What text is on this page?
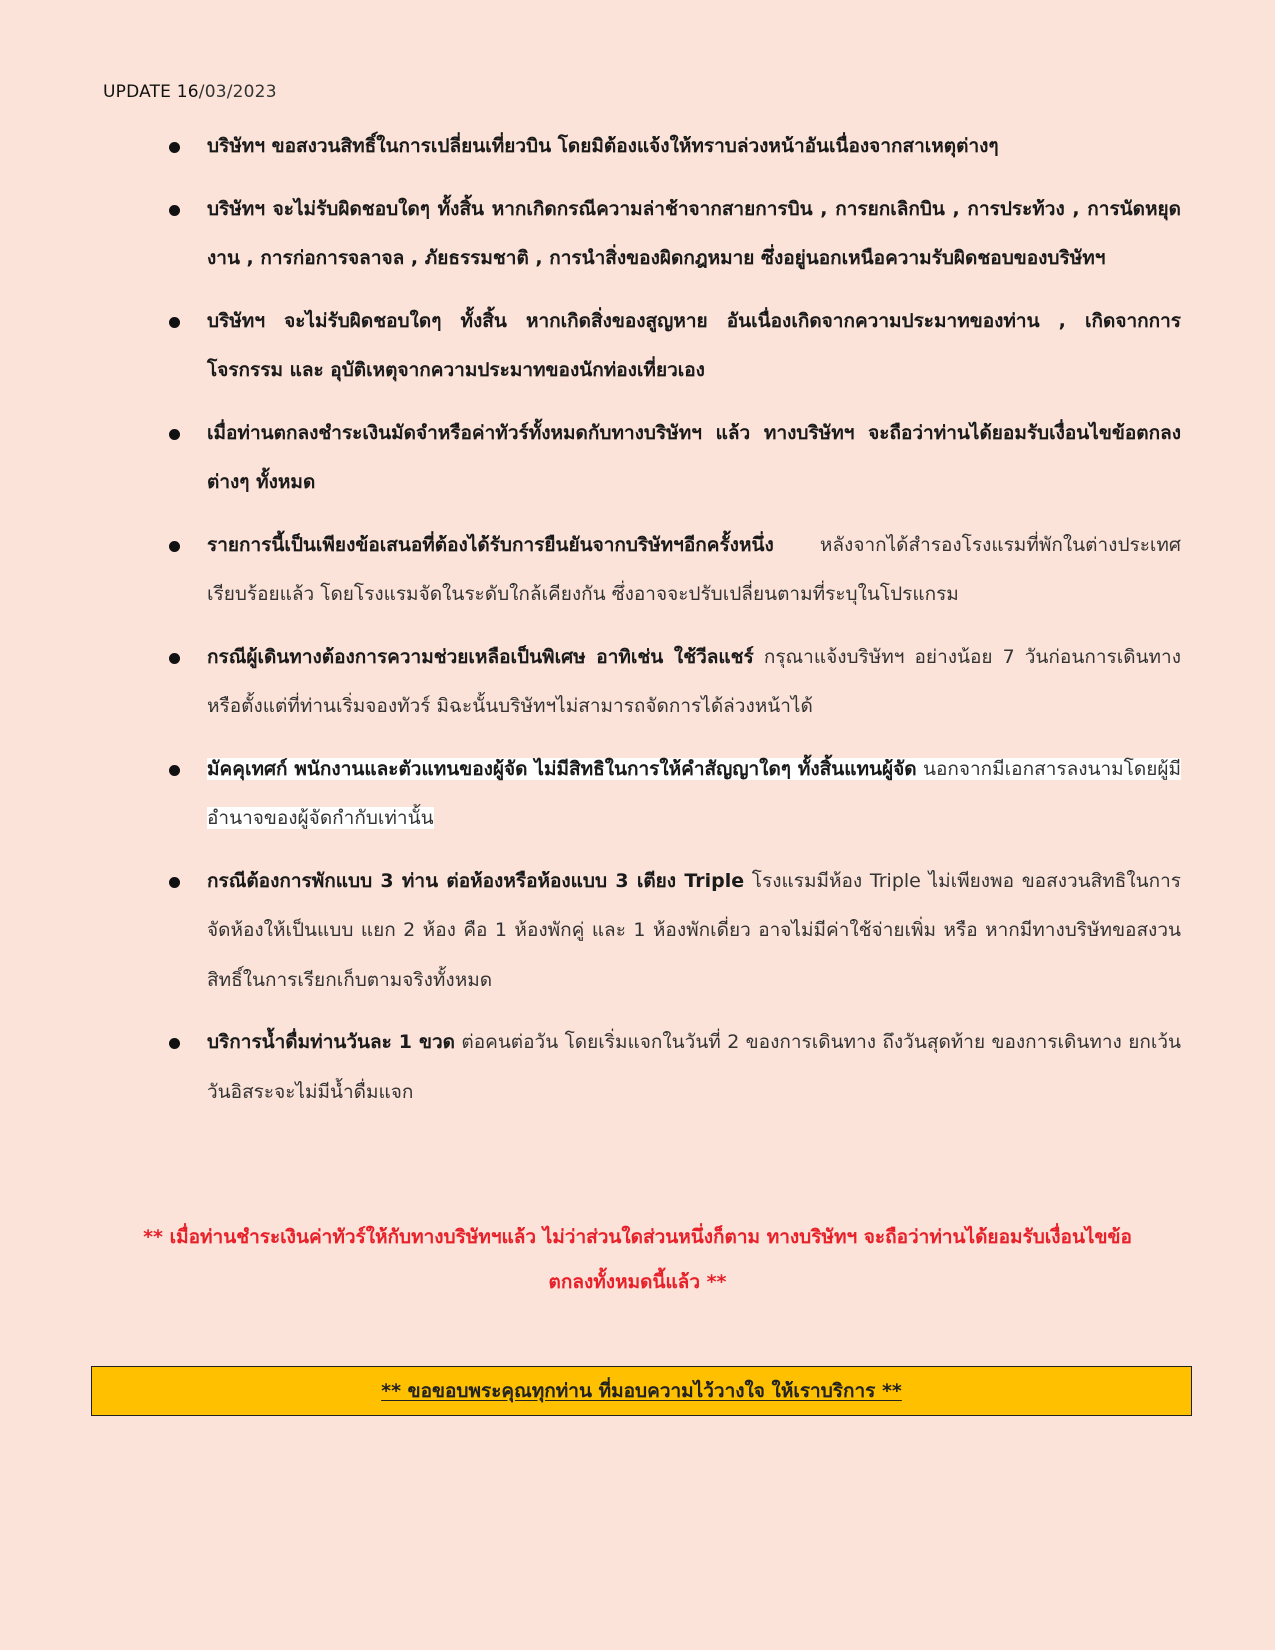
UPDATE 16/03/2023
บริษัทฯ ขอสงวนสิทธิ์ในการเปลี่ยนเที่ยวบิน โดยมิต้องแจ้งให้ทราบล่วงหน้าอันเนื่องจากสาเหตุต่างๆ
บริษัทฯ จะไม่รับผิดชอบใดๆ ทั้งสิ้น หากเกิดกรณีความล่าช้าจากสายการบิน , การยกเลิกบิน , การประท้วง , การนัดหยุดงาน , การก่อการจลาจล , ภัยธรรมชาติ , การนำสิ่งของผิดกฎหมาย ซึ่งอยู่นอกเหนือความรับผิดชอบของบริษัทฯ
บริษัทฯ จะไม่รับผิดชอบใดๆ ทั้งสิ้น หากเกิดสิ่งของสูญหาย อันเนื่องเกิดจากความประมาทของท่าน , เกิดจากการโจรกรรม และ อุบัติเหตุจากความประมาทของนักท่องเที่ยวเอง
เมื่อท่านตกลงชำระเงินมัดจำหรือค่าทัวร์ทั้งหมดกับทางบริษัทฯ แล้ว ทางบริษัทฯ จะถือว่าท่านได้ยอมรับเงื่อนไขข้อตกลงต่างๆ ทั้งหมด
รายการนี้เป็นเพียงข้อเสนอที่ต้องได้รับการยืนยันจากบริษัทฯอีกครั้งหนึ่ง หลังจากได้สำรองโรงแรมที่พักในต่างประเทศเรียบร้อยแล้ว โดยโรงแรมจัดในระดับใกล้เคียงกัน ซึ่งอาจจะปรับเปลี่ยนตามที่ระบุในโปรแกรม
กรณีผู้เดินทางต้องการความช่วยเหลือเป็นพิเศษ อาทิเช่น ใช้วีลแชร์ กรุณาแจ้งบริษัทฯ อย่างน้อย 7 วันก่อนการเดินทาง หรือตั้งแต่ที่ท่านเริ่มจองทัวร์ มิฉะนั้นบริษัทฯไม่สามารถจัดการได้ล่วงหน้าได้
มัคคุเทศก์ พนักงานและตัวแทนของผู้จัด ไม่มีสิทธิในการให้คำสัญญาใดๆ ทั้งสิ้นแทนผู้จัด นอกจากมีเอกสารลงนามโดยผู้มีอำนาจของผู้จัดกำกับเท่านั้น
กรณีต้องการพักแบบ 3 ท่าน ต่อห้องหรือห้องแบบ 3 เตียง Triple โรงแรมมีห้อง Triple ไม่เพียงพอ ขอสงวนสิทธิในการจัดห้องให้เป็นแบบ แยก 2 ห้อง คือ 1 ห้องพักคู่ และ 1 ห้องพักเดี่ยว อาจไม่มีค่าใช้จ่ายเพิ่ม หรือ หากมีทางบริษัทขอสงวนสิทธิ์ในการเรียกเก็บตามจริงทั้งหมด
บริการน้ำดื่มท่านวันละ 1 ขวด ต่อคนต่อวัน โดยเริ่มแจกในวันที่ 2 ของการเดินทาง ถึงวันสุดท้าย ของการเดินทาง ยกเว้นวันอิสระจะไม่มีน้ำดื่มแจก
** เมื่อท่านชำระเงินค่าทัวร์ให้กับทางบริษัทฯแล้ว ไม่ว่าส่วนใดส่วนหนึ่งก็ตาม ทางบริษัทฯ จะถือว่าท่านได้ยอมรับเงื่อนไขข้อตกลงทั้งหมดนี้แล้ว **
** ขอขอบพระคุณทุกท่าน ที่มอบความไว้วางใจ ให้เราบริการ **
